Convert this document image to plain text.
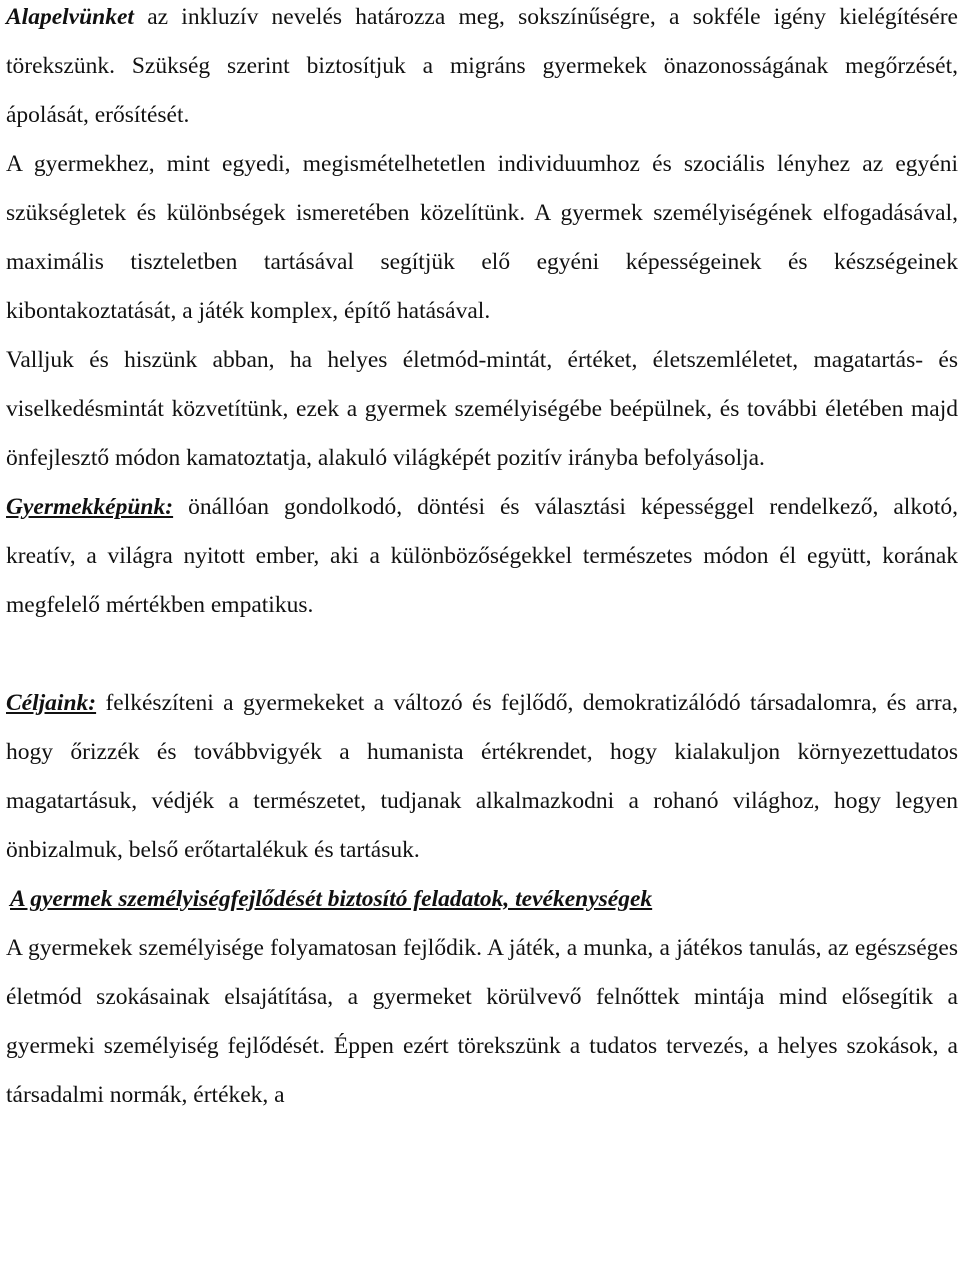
Alapelvünket az inkluzív nevelés határozza meg, sokszínűségre, a sokféle igény kielégítésére törekszünk. Szükség szerint biztosítjuk a migráns gyermekek önazonosságának megőrzését, ápolását, erősítését.

A gyermekhez, mint egyedi, megismételhetetlen individuumhoz és szociális lényhez az egyéni szükségletek és különbségek ismeretében közelítünk. A gyermek személyiségének elfogadásával, maximális tiszteletben tartásával segítjük elő egyéni képességeinek és készségeinek kibontakoztatását, a játék komplex, építő hatásával.

Valljuk és hiszünk abban, ha helyes életmód-mintát, értéket, életszemléletet, magatartás- és viselkedésmintát közvetítünk, ezek a gyermek személyiségébe beépülnek, és további életében majd önfejlesztő módon kamatoztatja, alakuló világképét pozitív irányba befolyásolja.

Gyermekképünk: önállóan gondolkodó, döntési és választási képességgel rendelkező, alkotó, kreatív, a világra nyitott ember, aki a különbözőségekkel természetes módon él együtt, korának megfelelő mértékben empatikus.

Céljaink: felkészíteni a gyermekeket a változó és fejlődő, demokratizálódó társadalomra, és arra, hogy őrizzék és továbbvigyék a humanista értékrendet, hogy kialakuljon környezettudatos magatartásuk, védjék a természetet, tudjanak alkalmazkodni a rohanó világhoz, hogy legyen önbizalmuk, belső erőtartalékuk és tartásuk.

A gyermek személyiségfejlődését biztosító feladatok, tevékenységek

A gyermekek személyisége folyamatosan fejlődik. A játék, a munka, a játékos tanulás, az egészséges életmód szokásainak elsajátítása, a gyermeket körülvevő felnőttek mintája mind elősegítik a gyermeki személyiség fejlődését. Éppen ezért törekszünk a tudatos tervezés, a helyes szokások, a társadalmi normák, értékek, a
